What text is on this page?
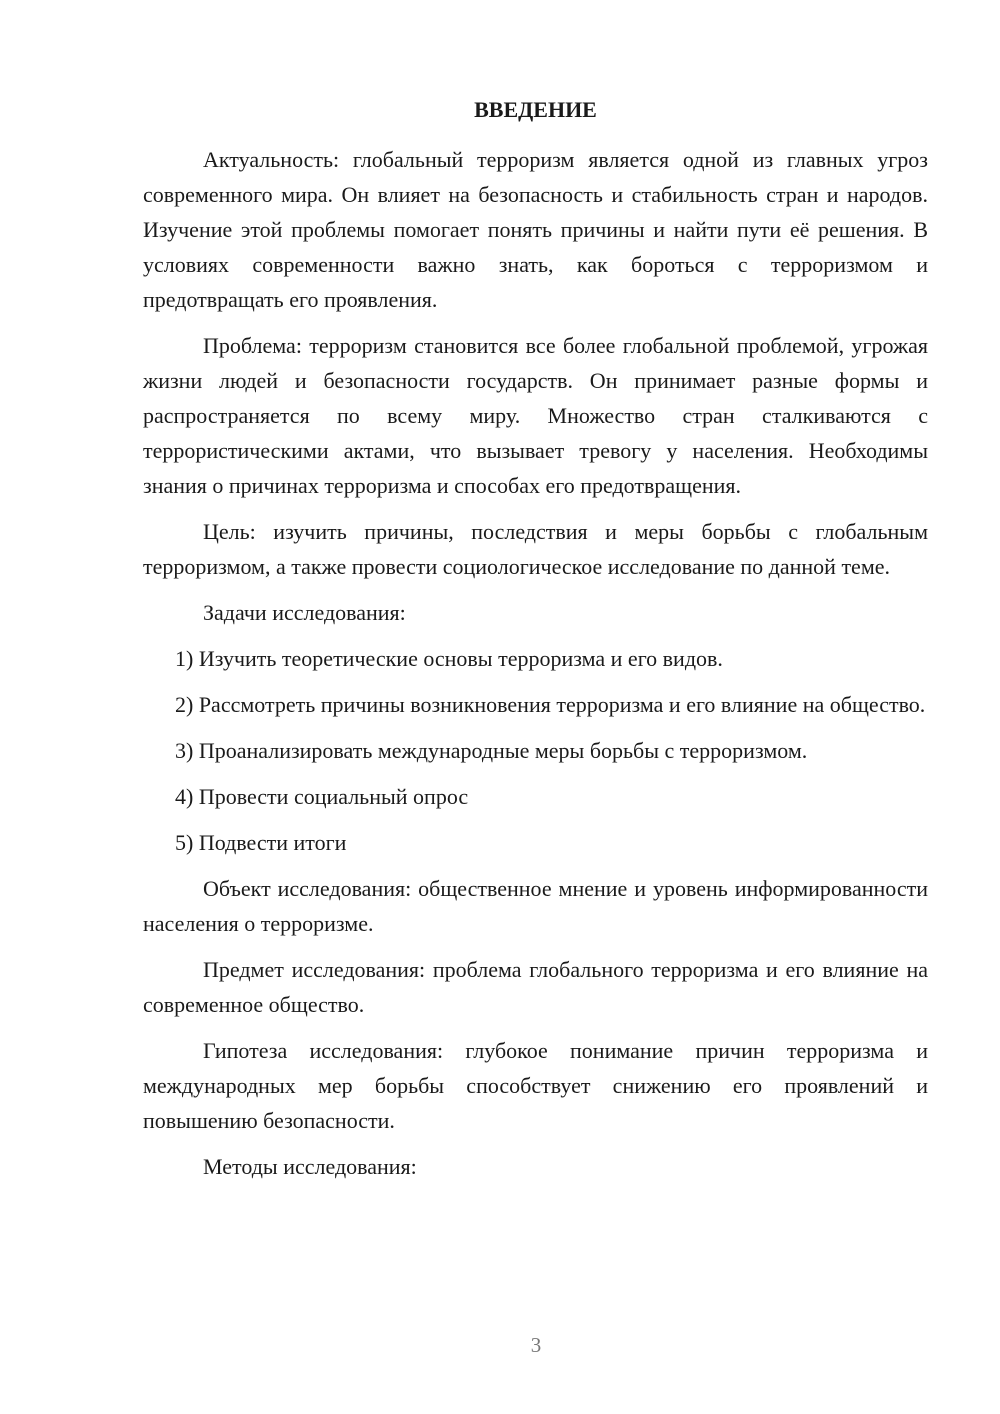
ВВЕДЕНИЕ

Актуальность: глобальный терроризм является одной из главных угроз современного мира. Он влияет на безопасность и стабильность стран и народов. Изучение этой проблемы помогает понять причины и найти пути её решения. В условиях современности важно знать, как бороться с терроризмом и предотвращать его проявления.

Проблема: терроризм становится все более глобальной проблемой, угрожая жизни людей и безопасности государств. Он принимает разные формы и распространяется по всему миру. Множество стран сталкиваются с террористическими актами, что вызывает тревогу у населения. Необходимы знания о причинах терроризма и способах его предотвращения.

Цель: изучить причины, последствия и меры борьбы с глобальным терроризмом, а также провести социологическое исследование по данной теме.

Задачи исследования:

1) Изучить теоретические основы терроризма и его видов.

2) Рассмотреть причины возникновения терроризма и его влияние на общество.

3) Проанализировать международные меры борьбы с терроризмом.

4) Провести социальный опрос

5) Подвести итоги

Объект исследования: общественное мнение и уровень информированности населения о терроризме.

Предмет исследования: проблема глобального терроризма и его влияние на современное общество.

Гипотеза исследования: глубокое понимание причин терроризма и международных мер борьбы способствует снижению его проявлений и повышению безопасности.

Методы исследования:

3
